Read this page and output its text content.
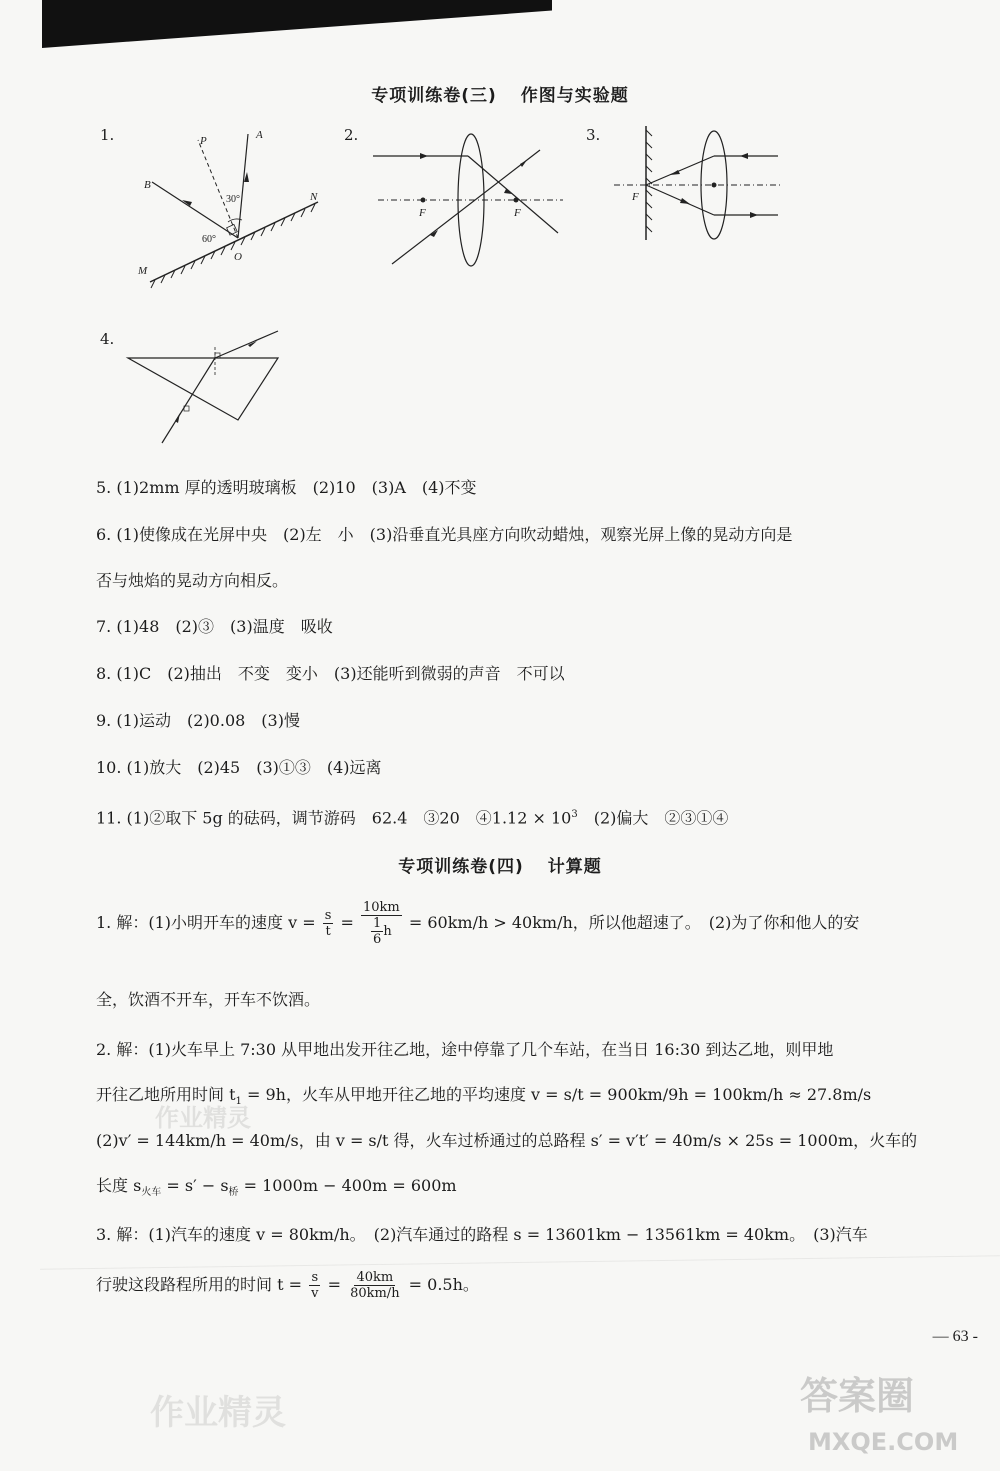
专项训练卷(三) 作图与实验题
1.	P	A
B
N
M
O
30°
60°
2.
F	F
3.
F
4.
5. (1)2mm 厚的透明玻璃板　(2)10　(3)A　(4)不变
6. (1)使像成在光屏中央　(2)左　小　(3)沿垂直光具座方向吹动蜡烛，观察光屏上像的晃动方向是
否与烛焰的晃动方向相反。
7. (1)48　(2)③　(3)温度　吸收
8. (1)C　(2)抽出　不变　变小　(3)还能听到微弱的声音　不可以
9. (1)运动　(2)0.08　(3)慢
10. (1)放大　(2)45　(3)①③　(4)远离
11. (1)②取下 5g 的砝码，调节游码　62.4　③20　④1.12 × $10^3$　(2)偏大　②③①④
专项训练卷(四) 计算题
1. 解：(1)小明开车的速度 $v = \frac{s}{t} = \frac{10km}{\frac{1}{6} h} = 60km/h > 40km/h$，所以他超速了。　(2)为了你和他人的安
全，饮酒不开车，开车不饮酒。
2. 解：(1)火车早上 7:30 从甲地出发开往乙地，途中停靠了几个车站，在当日 16:30 到达乙地，则甲地
开往乙地所用时间 $t_1 = 9h$，火车从甲地开往乙地的平均速度 v = s/t = 900km/9h = 100km/h ≈ 27.8m/s
(2)v′ = 144km/h = 40m/s，由 v = s/t 得，火车过桥通过的总路程 s′ = v′t′ = 40m/s × 25s = 1000m，火车的
长度 $s_{火车} = s' - s_桥 = 1000m - 400m = 600m$
3. 解：(1)汽车的速度 v = 80km/h。　(2)汽车通过的路程 s = 13601km − 13561km = 40km。　(3)汽车
行驶这段路程所用的时间 $t = \frac{s}{v} = \frac{40km}{80km/h} = 0.5h$。
— 63 -
作业精灵
作业精灵	答案圈
MXQE.COM
